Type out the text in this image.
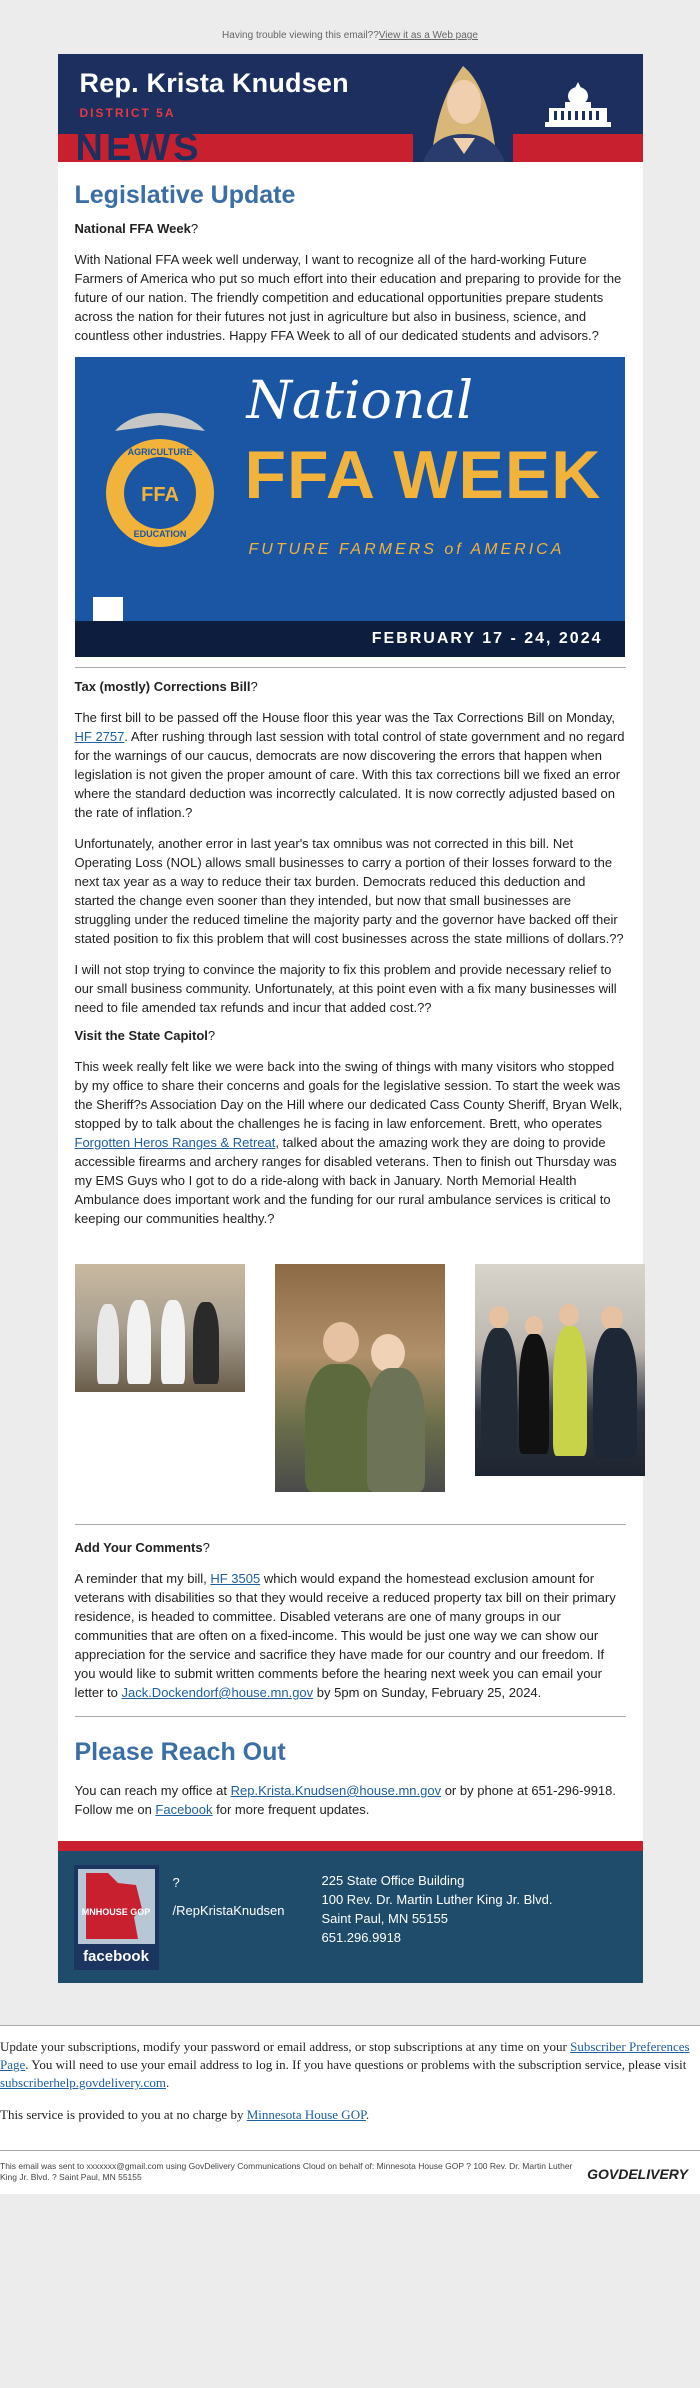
Having trouble viewing this email??View it as a Web page
Rep. Krista Knudsen
DISTRICT 5A
NEWS
Legislative Update
National FFA Week?

With National FFA week well underway, I want to recognize all of the hard-working Future Farmers of America who put so much effort into their education and preparing to provide for the future of our nation. The friendly competition and educational opportunities prepare students across the nation for their futures not just in agriculture but also in business, science, and countless other industries. Happy FFA Week to all of our dedicated students and advisors.?

FFA
AGRICULTURE
EDUCATION
National
FFA WEEK
FUTURE FARMERS of AMERICA
FEBRUARY 17 - 24, 2024
Tax (mostly) Corrections Bill?

The first bill to be passed off the House floor this year was the Tax Corrections Bill on Monday, HF 2757. After rushing through last session with total control of state government and no regard for the warnings of our caucus, democrats are now discovering the errors that happen when legislation is not given the proper amount of care. With this tax corrections bill we fixed an error where the standard deduction was incorrectly calculated. It is now correctly adjusted based on the rate of inflation.?

Unfortunately, another error in last year's tax omnibus was not corrected in this bill. Net Operating Loss (NOL) allows small businesses to carry a portion of their losses forward to the next tax year as a way to reduce their tax burden. Democrats reduced this deduction and started the change even sooner than they intended, but now that small businesses are struggling under the reduced timeline the majority party and the governor have backed off their stated position to fix this problem that will cost businesses across the state millions of dollars.??

I will not stop trying to convince the majority to fix this problem and provide necessary relief to our small business community. Unfortunately, at this point even with a fix many businesses will need to file amended tax refunds and incur that added cost.??

Visit the State Capitol?

This week really felt like we were back into the swing of things with many visitors who stopped by my office to share their concerns and goals for the legislative session. To start the week was the Sheriff?s Association Day on the Hill where our dedicated Cass County Sheriff, Bryan Welk, stopped by to talk about the challenges he is facing in law enforcement. Brett, who operates Forgotten Heros Ranges & Retreat, talked about the amazing work they are doing to provide accessible firearms and archery ranges for disabled veterans. Then to finish out Thursday was my EMS Guys who I got to do a ride-along with back in January. North Memorial Health Ambulance does important work and the funding for our rural ambulance services is critical to keeping our communities healthy.?

Add Your Comments?

A reminder that my bill, HF 3505 which would expand the homestead exclusion amount for veterans with disabilities so that they would receive a reduced property tax bill on their primary residence, is headed to committee. Disabled veterans are one of many groups in our communities that are often on a fixed-income. This would be just one way we can show our appreciation for the service and sacrifice they have made for our country and our freedom. If you would like to submit written comments before the hearing next week you can email your letter to Jack.Dockendorf@house.mn.gov by 5pm on Sunday, February 25, 2024.

Please Reach Out

You can reach my office at Rep.Krista.Knudsen@house.mn.gov or by phone at 651-296-9918. Follow me on Facebook for more frequent updates.

MNHOUSE GOP
facebook
?
/RepKristaKnudsen
225 State Office Building
100 Rev. Dr. Martin Luther King Jr. Blvd.
Saint Paul, MN 55155
651.296.9918
Update your subscriptions, modify your password or email address, or stop subscriptions at any time on your Subscriber Preferences Page. You will need to use your email address to log in. If you have questions or problems with the subscription service, please visit subscriberhelp.govdelivery.com.
This service is provided to you at no charge by Minnesota House GOP.
This email was sent to xxxxxxx@gmail.com using GovDelivery Communications Cloud on behalf of: Minnesota House GOP ? 100 Rev. Dr. Martin Luther King Jr. Blvd. ? Saint Paul, MN 55155	GOVDELIVERY
